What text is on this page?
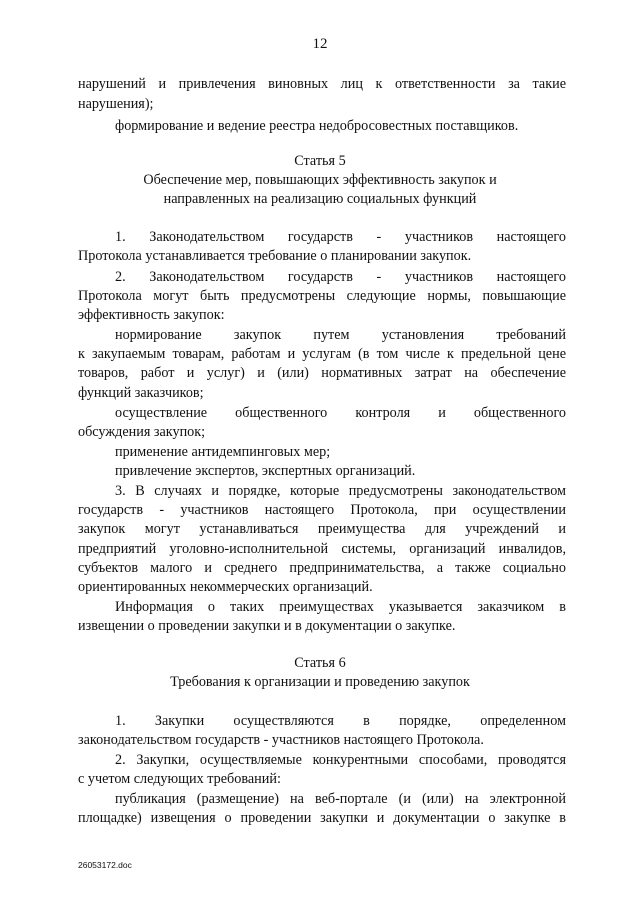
12
нарушений и привлечения виновных лиц к ответственности за такие
нарушения);
формирование и ведение реестра недобросовестных поставщиков.
Статья 5
Обеспечение мер, повышающих эффективность закупок и
направленных на реализацию социальных функций
1. Законодательством государств - участников настоящего
Протокола устанавливается требование о планировании закупок.
2. Законодательством государств - участников настоящего
Протокола могут быть предусмотрены следующие нормы, повышающие
эффективность закупок:
нормирование закупок путем установления требований
к закупаемым товарам, работам и услугам (в том числе к предельной цене
товаров, работ и услуг) и (или) нормативных затрат на обеспечение
функций заказчиков;
осуществление общественного контроля и общественного
обсуждения закупок;
применение антидемпинговых мер;
привлечение экспертов, экспертных организаций.
3. В случаях и порядке, которые предусмотрены законодательством
государств - участников настоящего Протокола, при осуществлении
закупок могут устанавливаться преимущества для учреждений и
предприятий уголовно-исполнительной системы, организаций инвалидов,
субъектов малого и среднего предпринимательства, а также социально
ориентированных некоммерческих организаций.
Информация о таких преимуществах указывается заказчиком в
извещении о проведении закупки и в документации о закупке.
Статья 6
Требования к организации и проведению закупок
1. Закупки осуществляются в порядке, определенном
законодательством государств - участников настоящего Протокола.
2. Закупки, осуществляемые конкурентными способами, проводятся
с учетом следующих требований:
публикация (размещение) на веб-портале (и (или) на электронной
площадке) извещения о проведении закупки и документации о закупке в
26053172.doc
